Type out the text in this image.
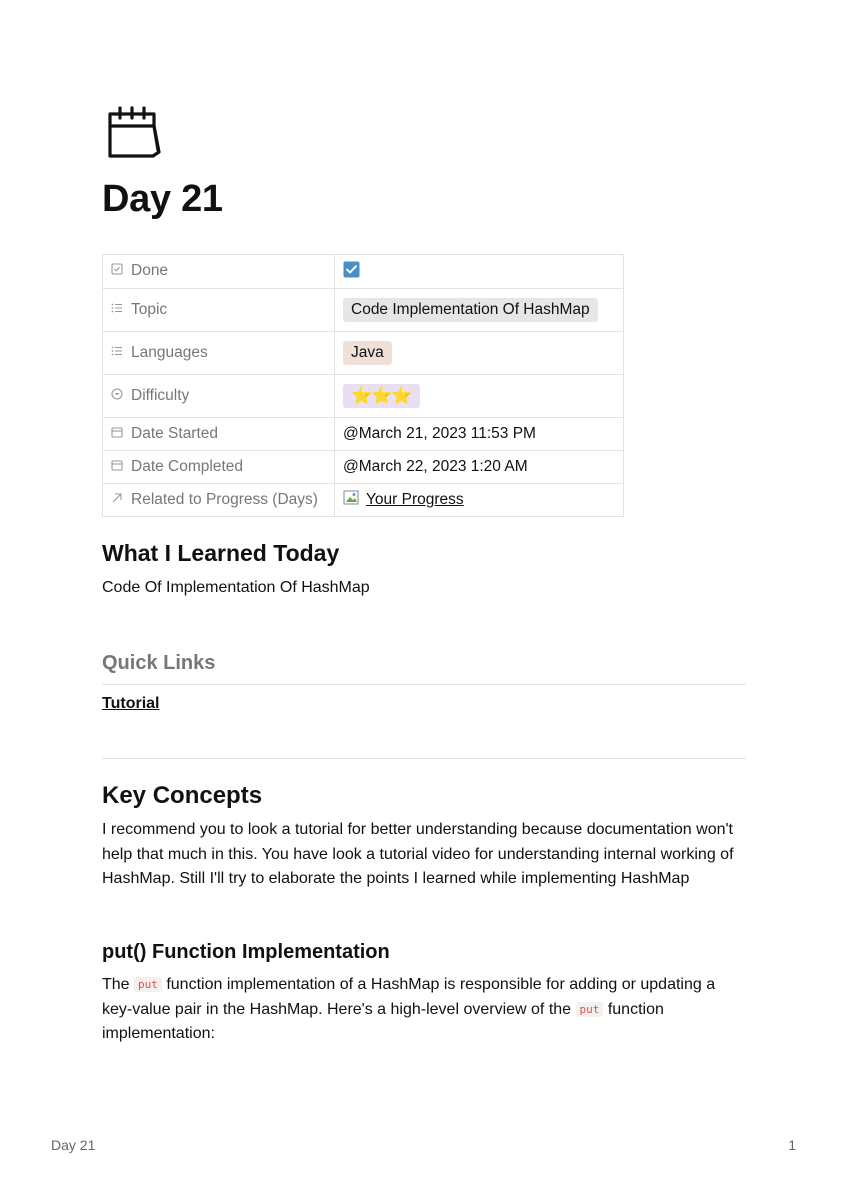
Day 21
Done	
Topic	Code Implementation Of HashMap
Languages	Java
Difficulty	⭐⭐⭐
Date Started	@March 21, 2023 11:53 PM
Date Completed	@March 22, 2023 1:20 AM
Related to Progress (Days)	Your Progress
What I Learned Today

Code Of Implementation Of HashMap

Quick Links
Tutorial
Key Concepts

I recommend you to look a tutorial for better understanding because documentation won't help that much in this. You have look a tutorial video for understanding internal working of HashMap. Still I'll try to elaborate the points I learned while implementing HashMap

put() Function Implementation

The put function implementation of a HashMap is responsible for adding or updating a key-value pair in the HashMap. Here's a high-level overview of the put function implementation:

Day 21	1
